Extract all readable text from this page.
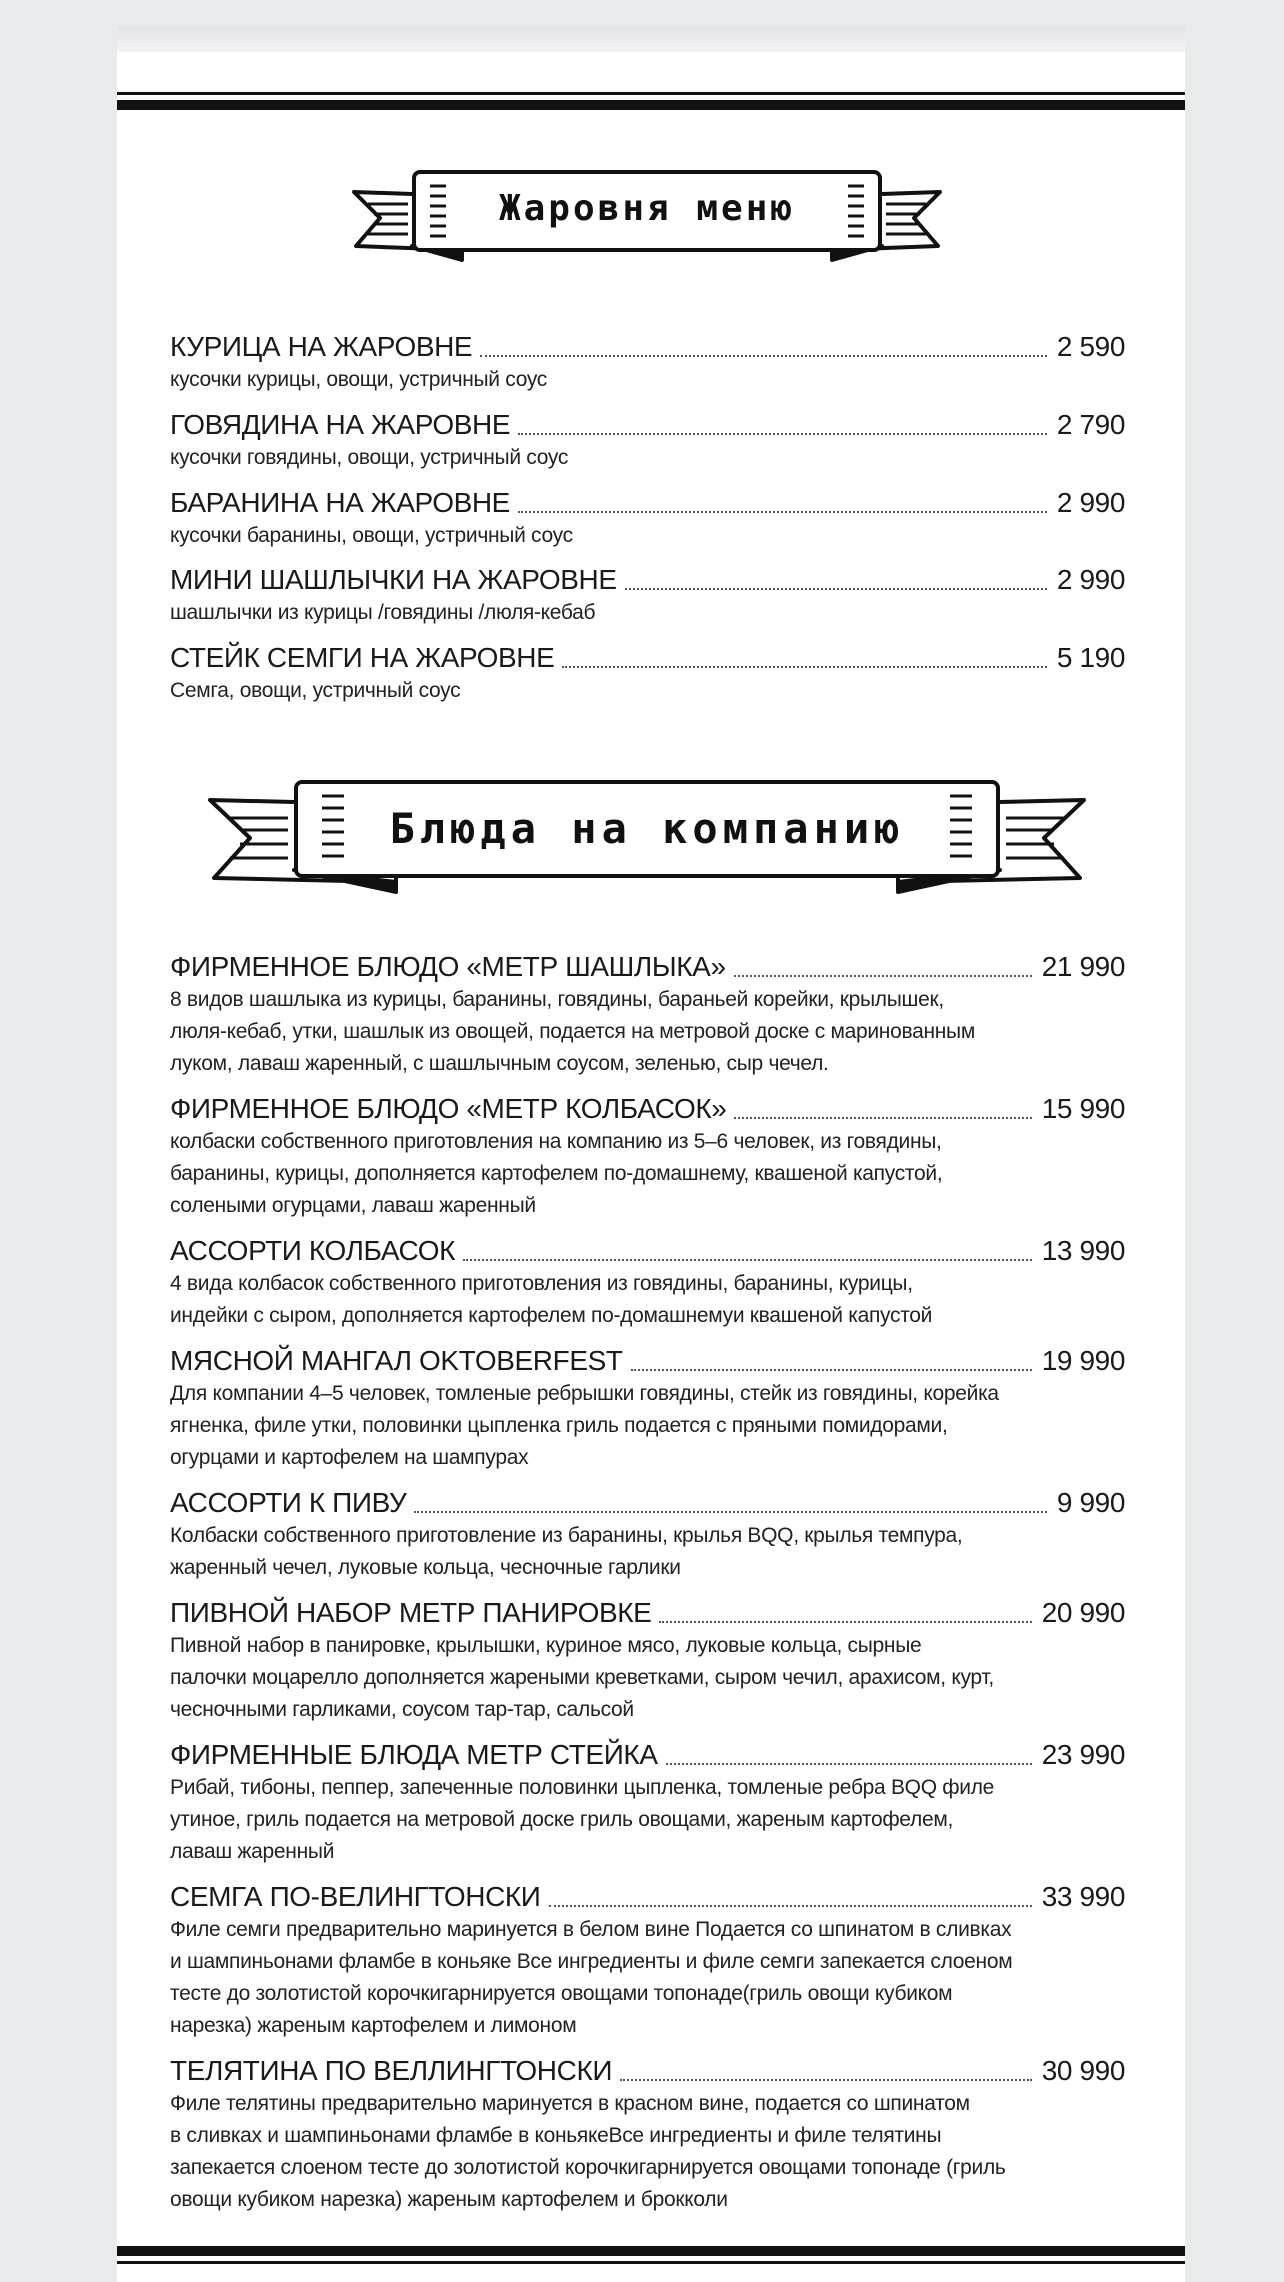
Жаровня меню
КУРИЦА НА ЖАРОВНЕ	2 590
кусочки курицы, овощи, устричный соус
ГОВЯДИНА НА ЖАРОВНЕ	2 790
кусочки говядины, овощи, устричный соус
БАРАНИНА НА ЖАРОВНЕ	2 990
кусочки баранины, овощи, устричный соус
МИНИ ШАШЛЫЧКИ НА ЖАРОВНЕ	2 990
шашлычки из курицы /говядины /люля-кебаб
СТЕЙК СЕМГИ НА ЖАРОВНЕ	5 190
Семга, овощи, устричный соус
Блюда на компанию
ФИРМЕННОЕ БЛЮДО «МЕТР ШАШЛЫКА»	21 990
8 видов шашлыка из курицы, баранины, говядины, бараньей корейки, крылышек,
люля-кебаб, утки, шашлык из овощей, подается на метровой доске с маринованным
луком, лаваш жаренный, с шашлычным соусом, зеленью, сыр чечел.
ФИРМЕННОЕ БЛЮДО «МЕТР КОЛБАСОК»	15 990
колбаски собственного приготовления на компанию из 5–6 человек, из говядины,
баранины, курицы, дополняется картофелем по-домашнему, квашеной капустой,
солеными огурцами, лаваш жаренный
АССОРТИ КОЛБАСОК	13 990
4 вида колбасок собственного приготовления из говядины, баранины, курицы,
индейки с сыром, дополняется картофелем по-домашнемуи квашеной капустой
МЯСНОЙ МАНГАЛ OKTOBERFEST	19 990
Для компании 4–5 человек, томленые ребрышки говядины, стейк из говядины, корейка
ягненка, филе утки, половинки цыпленка гриль подается с пряными помидорами,
огурцами и картофелем на шампурах
АССОРТИ К ПИВУ	9 990
Колбаски собственного приготовление из баранины, крылья BQQ, крылья темпура,
жаренный чечел, луковые кольца, чесночные гарлики
ПИВНОЙ НАБОР МЕТР ПАНИРОВКЕ	20 990
Пивной набор в панировке, крылышки, куриное мясо, луковые кольца, сырные
палочки моцарелло дополняется жареными креветками, сыром чечил, арахисом, курт,
чесночными гарликами, соусом тар-тар, сальсой
ФИРМЕННЫЕ БЛЮДА МЕТР СТЕЙКА	23 990
Рибай, тибоны, пеппер, запеченные половинки цыпленка, томленые ребра BQQ филе
утиное, гриль подается на метровой доске гриль овощами, жареным картофелем,
лаваш жаренный
СЕМГА ПО-ВЕЛИНГТОНСКИ	33 990
Филе семги предварительно маринуется в белом вине Подается со шпинатом в сливках
и шампиньонами фламбе в коньяке Все ингредиенты и филе семги запекается слоеном
тесте до золотистой корочкигарнируется овощами топонаде(гриль овощи кубиком
нарезка) жареным картофелем и лимоном
ТЕЛЯТИНА ПО ВЕЛЛИНГТОНСКИ	30 990
Филе телятины предварительно маринуется в красном вине, подается со шпинатом
в сливках и шампиньонами фламбе в коньякеВсе ингредиенты и филе телятины
запекается слоеном тесте до золотистой корочкигарнируется овощами топонаде (гриль
овощи кубиком нарезка) жареным картофелем и брокколи
